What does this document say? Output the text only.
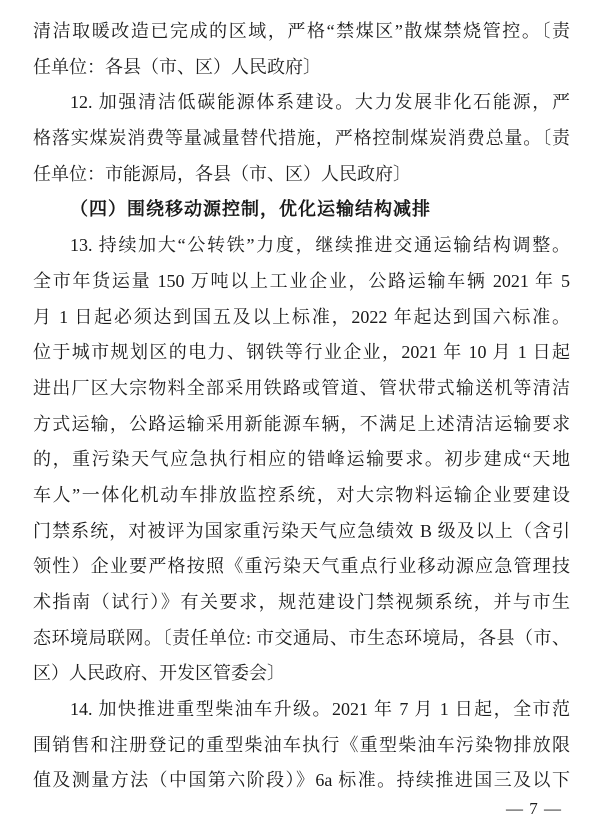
清洁取暖改造已完成的区域，严格“禁煤区”散煤禁烧管控。〔责
任单位：各县（市、区）人民政府〕
12. 加强清洁低碳能源体系建设。大力发展非化石能源，严
格落实煤炭消费等量减量替代措施，严格控制煤炭消费总量。〔责
任单位：市能源局，各县（市、区）人民政府〕
（四）围绕移动源控制，优化运输结构减排
13. 持续加大“公转铁”力度，继续推进交通运输结构调整。
全市年货运量 150 万吨以上工业企业，公路运输车辆 2021 年 5
月 1 日起必须达到国五及以上标准，2022 年起达到国六标准。
位于城市规划区的电力、钢铁等行业企业，2021 年 10 月 1 日起
进出厂区大宗物料全部采用铁路或管道、管状带式输送机等清洁
方式运输，公路运输采用新能源车辆，不满足上述清洁运输要求
的，重污染天气应急执行相应的错峰运输要求。初步建成“天地
车人”一体化机动车排放监控系统，对大宗物料运输企业要建设
门禁系统，对被评为国家重污染天气应急绩效 B 级及以上（含引
领性）企业要严格按照《重污染天气重点行业移动源应急管理技
术指南（试行）》有关要求，规范建设门禁视频系统，并与市生
态环境局联网。〔责任单位: 市交通局、市生态环境局，各县（市、
区）人民政府、开发区管委会〕
14. 加快推进重型柴油车升级。2021 年 7 月 1 日起，全市范
围销售和注册登记的重型柴油车执行《重型柴油车污染物排放限
值及测量方法（中国第六阶段）》6a 标准。持续推进国三及以下
— 7 —
